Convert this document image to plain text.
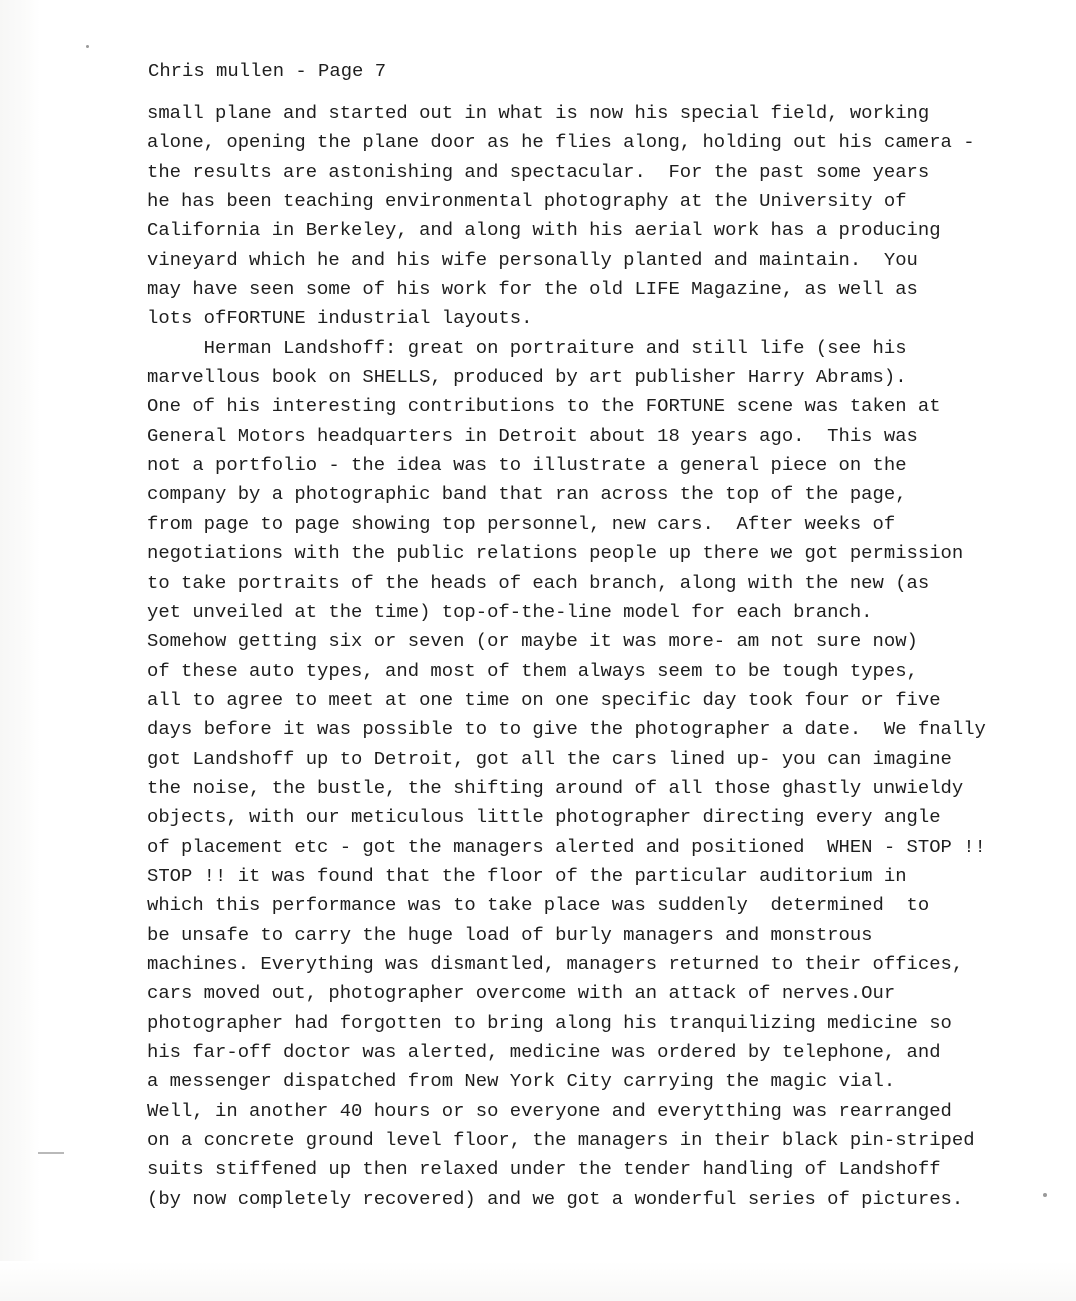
Chris mullen - Page 7
small plane and started out in what is now his special field, working
alone, opening the plane door as he flies along, holding out his camera -
the results are astonishing and spectacular.  For the past some years
he has been teaching environmental photography at the University of
California in Berkeley, and along with his aerial work has a producing
vineyard which he and his wife personally planted and maintain.  You
may have seen some of his work for the old LIFE Magazine, as well as
lots ofFORTUNE industrial layouts.
Herman Landshoff: great on portraiture and still life (see his
marvellous book on SHELLS, produced by art publisher Harry Abrams).
One of his interesting contributions to the FORTUNE scene was taken at
General Motors headquarters in Detroit about 18 years ago.  This was
not a portfolio - the idea was to illustrate a general piece on the
company by a photographic band that ran across the top of the page,
from page to page showing top personnel, new cars.  After weeks of
negotiations with the public relations people up there we got permission
to take portraits of the heads of each branch, along with the new (as
yet unveiled at the time) top-of-the-line model for each branch.
Somehow getting six or seven (or maybe it was more- am not sure now)
of these auto types, and most of them always seem to be tough types,
all to agree to meet at one time on one specific day took four or five
days before it was possible to to give the photographer a date.  We fnally
got Landshoff up to Detroit, got all the cars lined up- you can imagine
the noise, the bustle, the shifting around of all those ghastly unwieldy
objects, with our meticulous little photographer directing every angle
of placement etc - got the managers alerted and positioned  WHEN - STOP !!
STOP !! it was found that the floor of the particular auditorium in
which this performance was to take place was suddenly  determined  to
be unsafe to carry the huge load of burly managers and monstrous
machines. Everything was dismantled, managers returned to their offices,
cars moved out, photographer overcome with an attack of nerves.Our
photographer had forgotten to bring along his tranquilizing medicine so
his far-off doctor was alerted, medicine was ordered by telephone, and
a messenger dispatched from New York City carrying the magic vial.
Well, in another 40 hours or so everyone and everytthing was rearranged
on a concrete ground level floor, the managers in their black pin-striped
suits stiffened up then relaxed under the tender handling of Landshoff
(by now completely recovered) and we got a wonderful series of pictures.
